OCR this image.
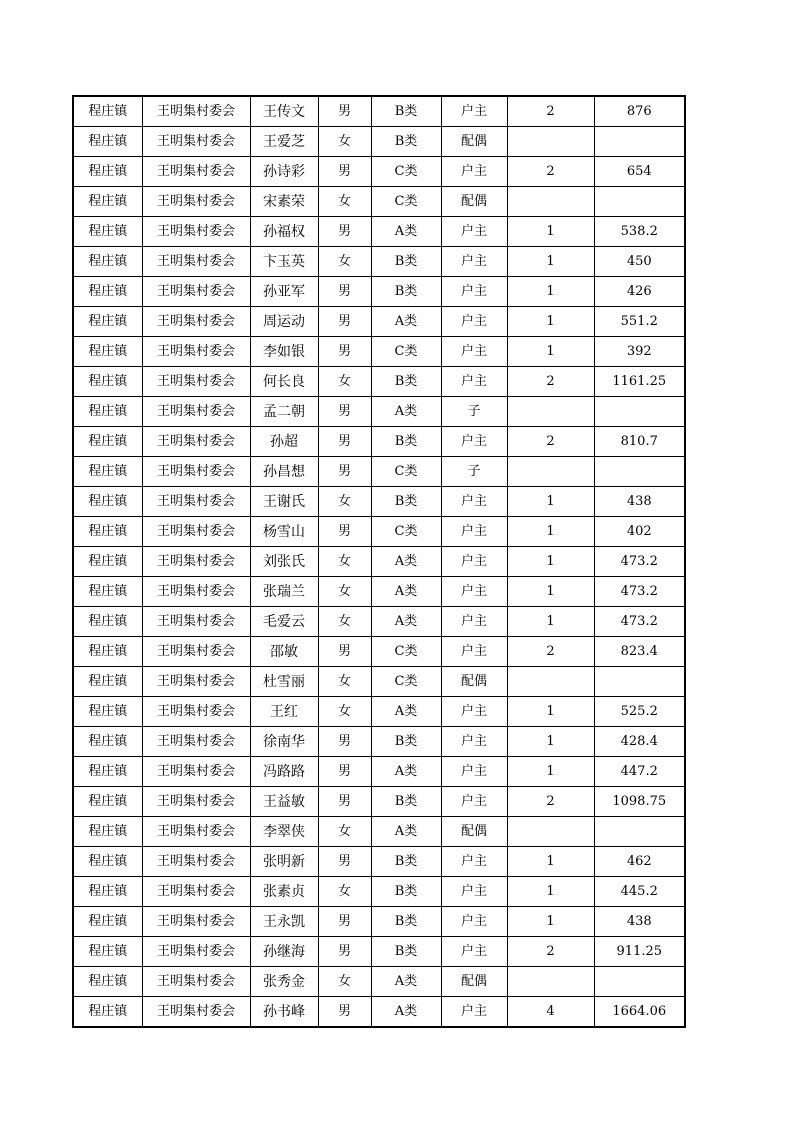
程庄镇	王明集村委会	王传文	男	B类	户主	2	876
程庄镇	王明集村委会	王爱芝	女	B类	配偶		
程庄镇	王明集村委会	孙诗彩	男	C类	户主	2	654
程庄镇	王明集村委会	宋素荣	女	C类	配偶		
程庄镇	王明集村委会	孙福权	男	A类	户主	1	538.2
程庄镇	王明集村委会	卞玉英	女	B类	户主	1	450
程庄镇	王明集村委会	孙亚军	男	B类	户主	1	426
程庄镇	王明集村委会	周运动	男	A类	户主	1	551.2
程庄镇	王明集村委会	李如银	男	C类	户主	1	392
程庄镇	王明集村委会	何长良	女	B类	户主	2	1161.25
程庄镇	王明集村委会	孟二朝	男	A类	子		
程庄镇	王明集村委会	孙超	男	B类	户主	2	810.7
程庄镇	王明集村委会	孙昌想	男	C类	子		
程庄镇	王明集村委会	王谢氏	女	B类	户主	1	438
程庄镇	王明集村委会	杨雪山	男	C类	户主	1	402
程庄镇	王明集村委会	刘张氏	女	A类	户主	1	473.2
程庄镇	王明集村委会	张瑞兰	女	A类	户主	1	473.2
程庄镇	王明集村委会	毛爱云	女	A类	户主	1	473.2
程庄镇	王明集村委会	邵敏	男	C类	户主	2	823.4
程庄镇	王明集村委会	杜雪丽	女	C类	配偶		
程庄镇	王明集村委会	王红	女	A类	户主	1	525.2
程庄镇	王明集村委会	徐南华	男	B类	户主	1	428.4
程庄镇	王明集村委会	冯路路	男	A类	户主	1	447.2
程庄镇	王明集村委会	王益敏	男	B类	户主	2	1098.75
程庄镇	王明集村委会	李翠侠	女	A类	配偶		
程庄镇	王明集村委会	张明新	男	B类	户主	1	462
程庄镇	王明集村委会	张素贞	女	B类	户主	1	445.2
程庄镇	王明集村委会	王永凯	男	B类	户主	1	438
程庄镇	王明集村委会	孙继海	男	B类	户主	2	911.25
程庄镇	王明集村委会	张秀金	女	A类	配偶		
程庄镇	王明集村委会	孙书峰	男	A类	户主	4	1664.06
